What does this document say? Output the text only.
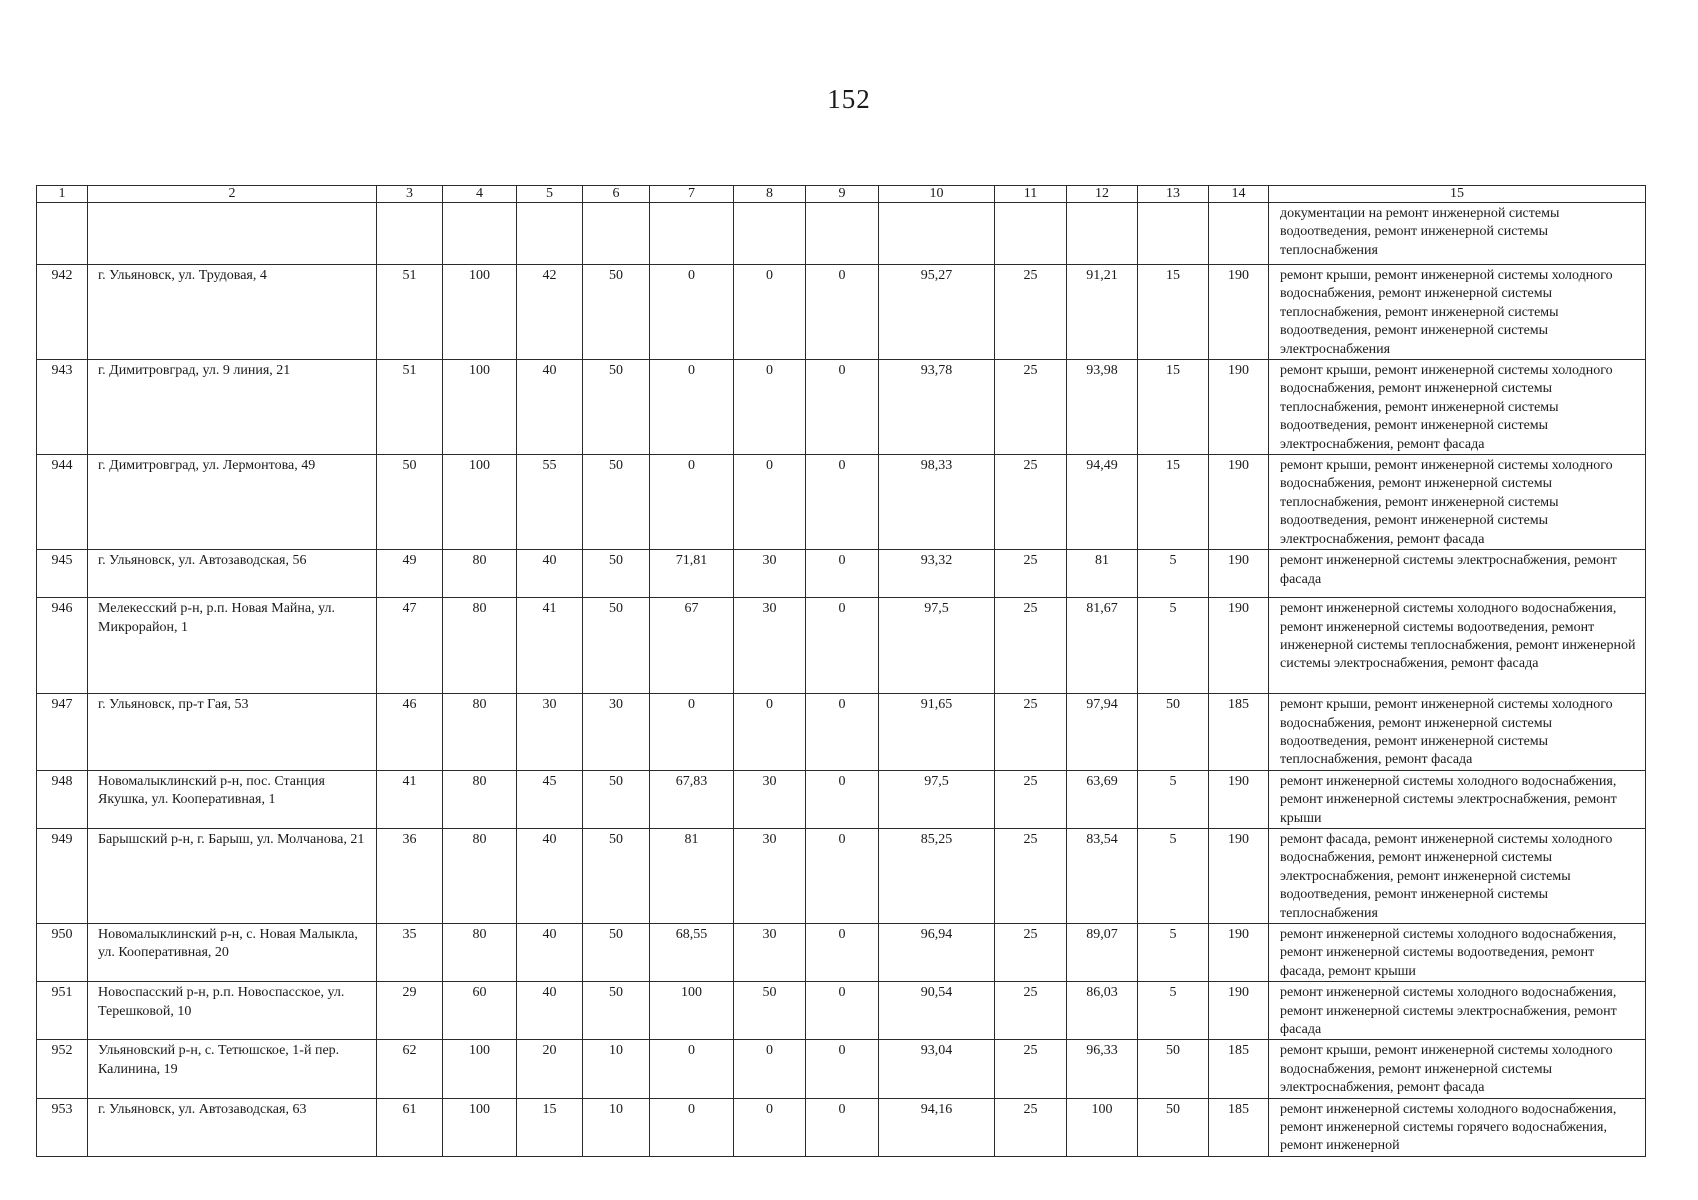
152
1	2	3	4	5	6	7	8	9	10	11	12	13	14	15
														документации на ремонт инженерной системы водоотведения, ремонт инженерной системы теплоснабжения
942	г. Ульяновск, ул. Трудовая, 4	51	100	42	50	0	0	0	95,27	25	91,21	15	190	ремонт крыши, ремонт инженерной системы холодного водоснабжения, ремонт инженерной системы теплоснабжения, ремонт инженерной системы водоотведения, ремонт инженерной системы электроснабжения
943	г. Димитровград, ул. 9 линия, 21	51	100	40	50	0	0	0	93,78	25	93,98	15	190	ремонт крыши, ремонт инженерной системы холодного водоснабжения, ремонт инженерной системы теплоснабжения, ремонт инженерной системы водоотведения, ремонт инженерной системы электроснабжения, ремонт фасада
944	г. Димитровград, ул. Лермонтова, 49	50	100	55	50	0	0	0	98,33	25	94,49	15	190	ремонт крыши, ремонт инженерной системы холодного водоснабжения, ремонт инженерной системы теплоснабжения, ремонт инженерной системы водоотведения, ремонт инженерной системы электроснабжения, ремонт фасада
945	г. Ульяновск, ул. Автозаводская, 56	49	80	40	50	71,81	30	0	93,32	25	81	5	190	ремонт инженерной системы электроснабжения, ремонт фасада
946	Мелекесский р-н, р.п. Новая Майна, ул. Микрорайон, 1	47	80	41	50	67	30	0	97,5	25	81,67	5	190	ремонт инженерной системы холодного водоснабжения, ремонт инженерной системы водоотведения, ремонт инженерной системы теплоснабжения, ремонт инженерной системы электроснабжения, ремонт фасада
947	г. Ульяновск, пр-т Гая, 53	46	80	30	30	0	0	0	91,65	25	97,94	50	185	ремонт крыши, ремонт инженерной системы холодного водоснабжения, ремонт инженерной системы водоотведения, ремонт инженерной системы теплоснабжения, ремонт фасада
948	Новомалыклинский р-н, пос. Станция Якушка, ул. Кооперативная, 1	41	80	45	50	67,83	30	0	97,5	25	63,69	5	190	ремонт инженерной системы холодного водоснабжения, ремонт инженерной системы электроснабжения, ремонт крыши
949	Барышский р-н, г. Барыш, ул. Молчанова, 21	36	80	40	50	81	30	0	85,25	25	83,54	5	190	ремонт фасада, ремонт инженерной системы холодного водоснабжения, ремонт инженерной системы электроснабжения, ремонт инженерной системы водоотведения, ремонт инженерной системы теплоснабжения
950	Новомалыклинский р-н, с. Новая Малыкла, ул. Кооперативная, 20	35	80	40	50	68,55	30	0	96,94	25	89,07	5	190	ремонт инженерной системы холодного водоснабжения, ремонт инженерной системы водоотведения, ремонт фасада, ремонт крыши
951	Новоспасский р-н, р.п. Новоспасское, ул. Терешковой, 10	29	60	40	50	100	50	0	90,54	25	86,03	5	190	ремонт инженерной системы холодного водоснабжения, ремонт инженерной системы электроснабжения, ремонт фасада
952	Ульяновский р-н, с. Тетюшское, 1-й пер. Калинина, 19	62	100	20	10	0	0	0	93,04	25	96,33	50	185	ремонт крыши, ремонт инженерной системы холодного водоснабжения, ремонт инженерной системы электроснабжения, ремонт фасада
953	г. Ульяновск, ул. Автозаводская, 63	61	100	15	10	0	0	0	94,16	25	100	50	185	ремонт инженерной системы холодного водоснабжения, ремонт инженерной системы горячего водоснабжения, ремонт инженерной
